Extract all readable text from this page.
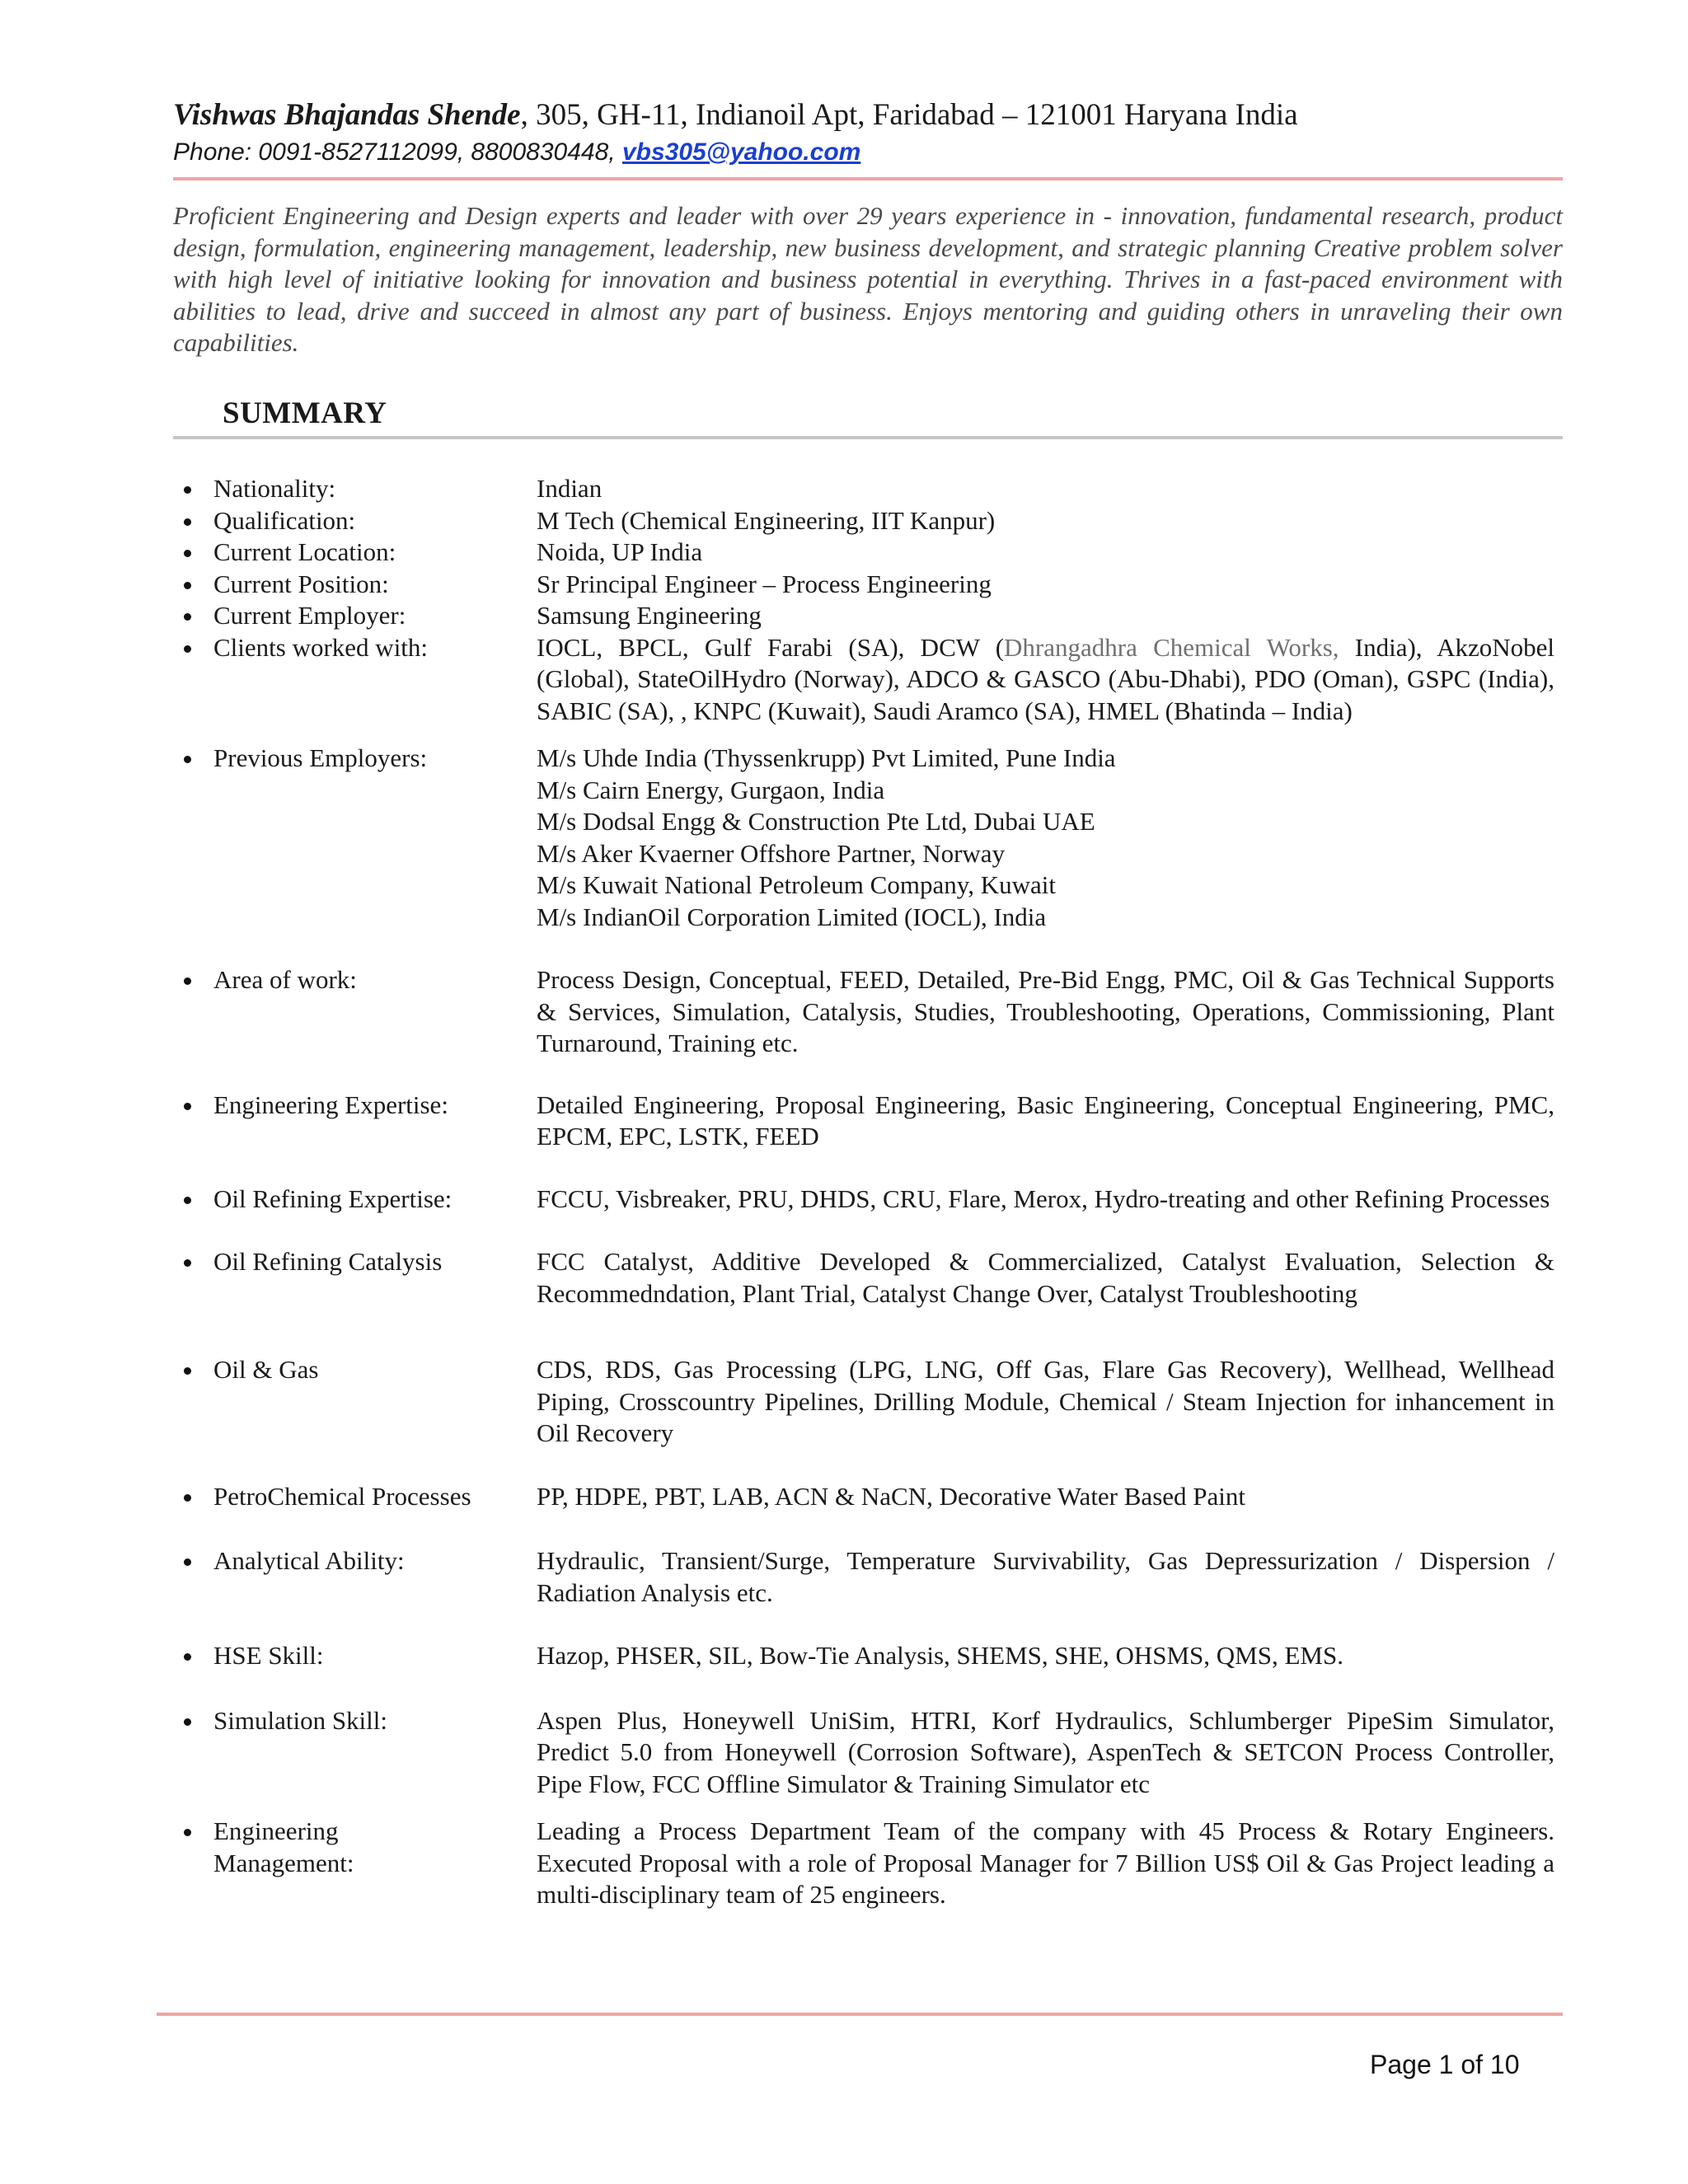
Vishwas Bhajandas Shende, 305, GH-11, Indianoil Apt, Faridabad – 121001 Haryana India
Phone: 0091-8527112099, 8800830448, vbs305@yahoo.com
Proficient Engineering and Design experts and leader with over 29 years experience in - innovation, fundamental research, product design, formulation, engineering management, leadership, new business development, and strategic planning Creative problem solver with high level of initiative looking for innovation and business potential in everything. Thrives in a fast-paced environment with abilities to lead, drive and succeed in almost any part of business. Enjoys mentoring and guiding others in unraveling their own capabilities.
SUMMARY
Nationality:	Indian
Qualification:	M Tech (Chemical Engineering, IIT Kanpur)
Current Location:	Noida, UP India
Current Position:	Sr Principal Engineer – Process Engineering
Current Employer:	Samsung Engineering
Clients worked with:	IOCL, BPCL, Gulf Farabi (SA), DCW (Dhrangadhra Chemical Works, India), AkzoNobel (Global), StateOilHydro (Norway), ADCO & GASCO (Abu-Dhabi), PDO (Oman), GSPC (India), SABIC (SA), , KNPC (Kuwait), Saudi Aramco (SA), HMEL (Bhatinda – India)
Previous Employers:	M/s Uhde India (Thyssenkrupp) Pvt Limited, Pune India
M/s Cairn Energy, Gurgaon, India
M/s Dodsal Engg & Construction Pte Ltd, Dubai UAE
M/s Aker Kvaerner Offshore Partner, Norway
M/s Kuwait National Petroleum Company, Kuwait
M/s IndianOil Corporation Limited (IOCL), India
Area of work:	Process Design, Conceptual, FEED, Detailed, Pre-Bid Engg, PMC, Oil & Gas Technical Supports & Services, Simulation, Catalysis, Studies, Troubleshooting, Operations, Commissioning, Plant Turnaround, Training etc.
Engineering Expertise:	Detailed Engineering, Proposal Engineering, Basic Engineering, Conceptual Engineering, PMC, EPCM, EPC, LSTK, FEED
Oil Refining Expertise:	FCCU, Visbreaker, PRU, DHDS, CRU, Flare, Merox, Hydro-treating and other Refining Processes
Oil Refining Catalysis	FCC Catalyst, Additive Developed & Commercialized, Catalyst Evaluation, Selection & Recommedndation, Plant Trial, Catalyst Change Over, Catalyst Troubleshooting
Oil & Gas	CDS, RDS, Gas Processing (LPG, LNG, Off Gas, Flare Gas Recovery), Wellhead, Wellhead Piping, Crosscountry Pipelines, Drilling Module, Chemical / Steam Injection for inhancement in Oil Recovery
PetroChemical Processes	PP, HDPE, PBT, LAB, ACN & NaCN, Decorative Water Based Paint
Analytical Ability:	Hydraulic, Transient/Surge, Temperature Survivability, Gas Depressurization / Dispersion / Radiation Analysis etc.
HSE Skill:	Hazop, PHSER, SIL, Bow-Tie Analysis, SHEMS, SHE, OHSMS, QMS, EMS.
Simulation Skill:	Aspen Plus, Honeywell UniSim, HTRI, Korf Hydraulics, Schlumberger PipeSim Simulator, Predict 5.0 from Honeywell (Corrosion Software), AspenTech & SETCON Process Controller, Pipe Flow, FCC Offline Simulator & Training Simulator etc
Engineering
Management:
Leading a Process Department Team of the company with 45 Process & Rotary Engineers. Executed Proposal with a role of Proposal Manager for 7 Billion US$ Oil & Gas Project leading a multi-disciplinary team of 25 engineers.
Page 1 of 10
